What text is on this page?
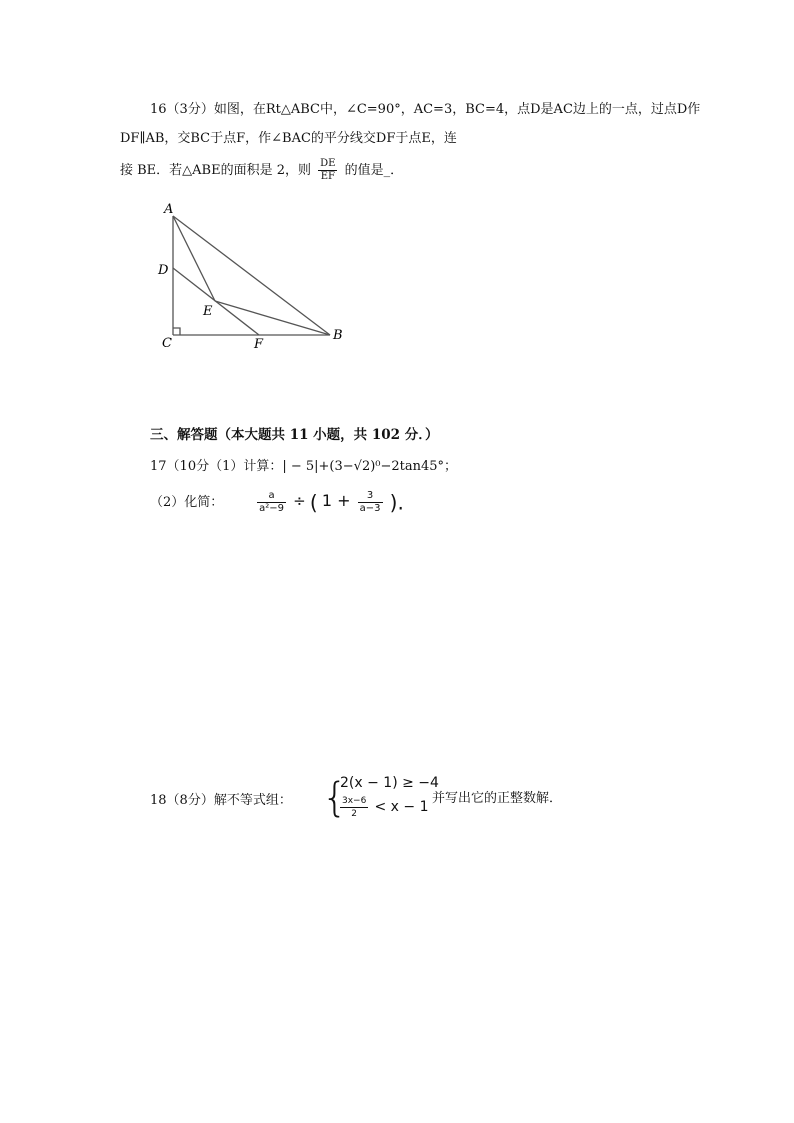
16（3分）如图，在Rt△ABC中，∠C=90°，AC=3，BC=4，点D是AC边上的一点，过点D作
DF∥AB，交BC于点F，作∠BAC的平分线交DF于点E，连
接 BE．若△ABE的面积是 2，则 $\frac{DE}{EF}$ 的值是_．
A
D
E
C	F
B
三、解答题（本大题共 11 小题，共 102 分．）
17（10分（1）计算：| − 5|+(3−√2)⁰−2tan45°；
（2）化简：	$\frac{a}{\text{a²−9}}$ ÷ ( $1 + \frac{3}{a-3}$ ).
18（8分）解不等式组： {
2(x − 1) ≥ −4
$\frac{3x-6}{2} < x - 1$
并写出它的正整数解．
